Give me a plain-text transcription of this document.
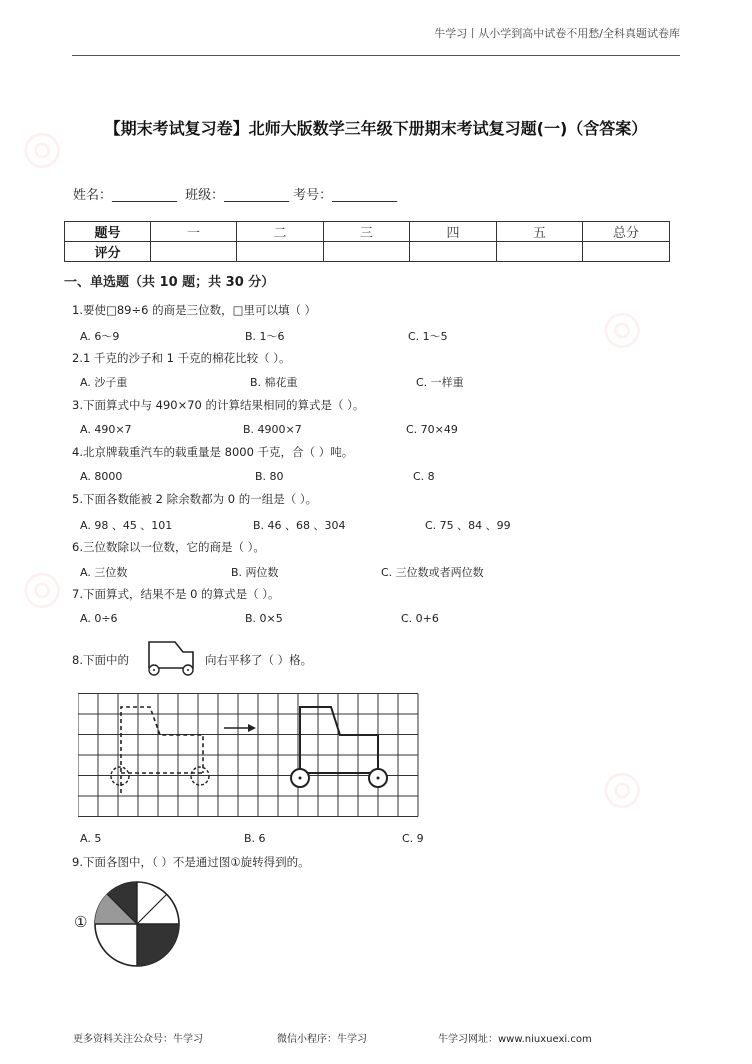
◎
◎
◎
◎
牛学习丨从小学到高中试卷不用愁/全科真题试卷库
【期末考试复习卷】北师大版数学三年级下册期末考试复习题(一)（含答案）
姓名：__________ 班级：__________ 考号：__________
题号	一	二	三	四	五	总分
评分						
一、单选题（共 10 题；共 30 分）
1.要使□89÷6 的商是三位数，□里可以填（ ）
A. 6～9	B. 1～6	C. 1～5
2.1 千克的沙子和 1 千克的棉花比较（ ）。
A. 沙子重	B. 棉花重	C. 一样重
3.下面算式中与 490×70 的计算结果相同的算式是（ ）。
A. 490×7	B. 4900×7	C. 70×49
4.北京牌载重汽车的载重量是 8000 千克，合（ ）吨。
A. 8000	B. 80	C. 8
5.下面各数能被 2 除余数都为 0 的一组是（ ）。
A. 98 、45 、101	B. 46 、68 、304	C. 75 、84 、99
6.三位数除以一位数，它的商是（ ）。
A. 三位数	B. 两位数	C. 三位数或者两位数
7.下面算式，结果不是 0 的算式是（ ）。
A. 0÷6	B. 0×5	C. 0+6
8.下面中的	向右平移了（ ）格。
A. 5	B. 6	C. 9
9.下面各图中，（ ）不是通过图①旋转得到的。
①
更多资料关注公众号：牛学习	微信小程序：牛学习	牛学习网址：www.niuxuexi.com
